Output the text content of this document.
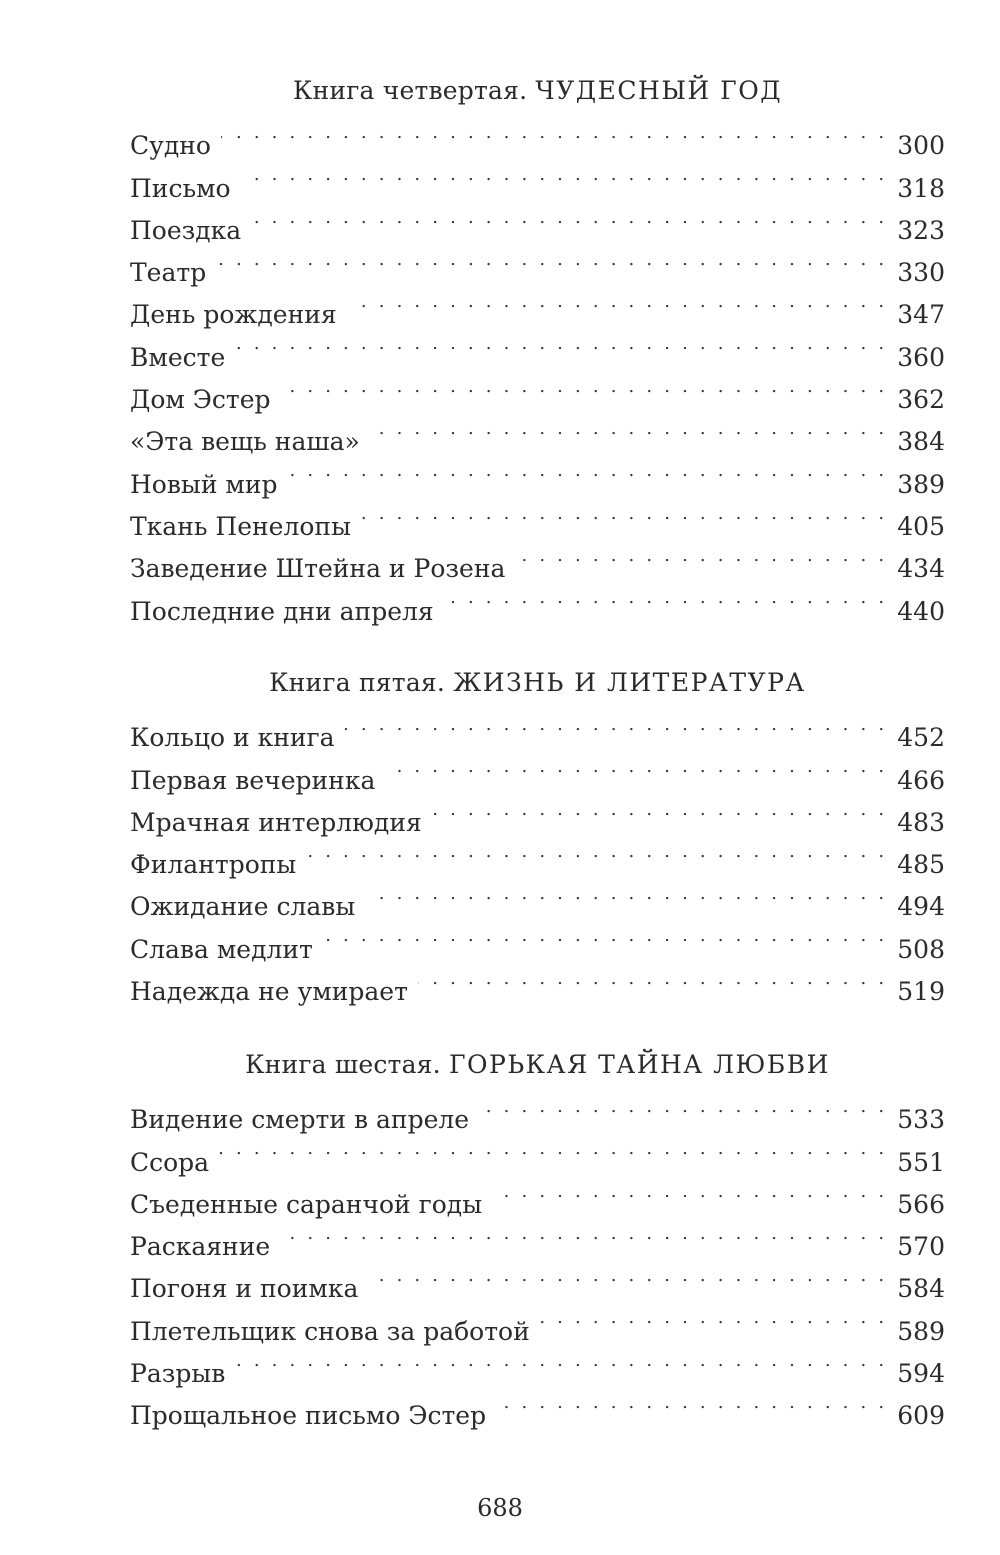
Книга четвертая. ЧУДЕСНЫЙ ГОД
Судно . . .	300
Письмо . . .	318
Поездка . . .	323
Театр . . .	330
День рождения . . .	347
Вместе . . .	360
Дом Эстер . . .	362
«Эта вещь наша» . . .	384
Новый мир . . .	389
Ткань Пенелопы . . .	405
Заведение Штейна и Розена . . .	434
Последние дни апреля . . .	440
Книга пятая. ЖИЗНЬ И ЛИТЕРАТУРА
Кольцо и книга . . .	452
Первая вечеринка . . .	466
Мрачная интерлюдия . . .	483
Филантропы . . .	485
Ожидание славы . . .	494
Слава медлит . . .	508
Надежда не умирает . . .	519
Книга шестая. ГОРЬКАЯ ТАЙНА ЛЮБВИ
Видение смерти в апреле . . .	533
Ссора . . .	551
Съеденные саранчой годы . . .	566
Раскаяние . . .	570
Погоня и поимка . . .	584
Плетельщик снова за работой . . .	589
Разрыв . . .	594
Прощальное письмо Эстер . . .	609
688
